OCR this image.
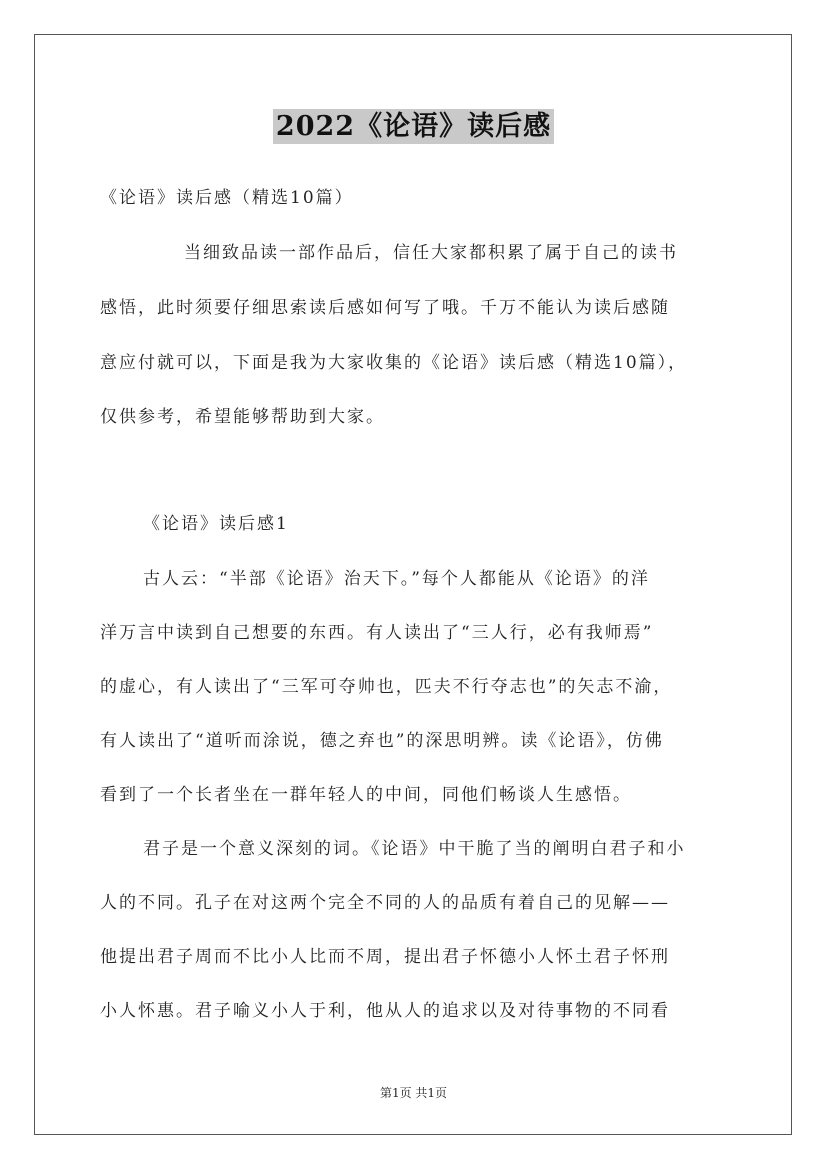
2022《论语》读后感
《论语》读后感（精选10篇）
当细致品读一部作品后，信任大家都积累了属于自己的读书
感悟，此时须要仔细思索读后感如何写了哦。千万不能认为读后感随
意应付就可以，下面是我为大家收集的《论语》读后感（精选10篇），
仅供参考，希望能够帮助到大家。
《论语》读后感1
古人云：“半部《论语》治天下。”每个人都能从《论语》的洋
洋万言中读到自己想要的东西。有人读出了“三人行，必有我师焉”
的虚心，有人读出了“三军可夺帅也，匹夫不行夺志也”的矢志不渝，
有人读出了“道听而涂说，德之弃也”的深思明辨。读《论语》，仿佛
看到了一个长者坐在一群年轻人的中间，同他们畅谈人生感悟。
君子是一个意义深刻的词。《论语》中干脆了当的阐明白君子和小
人的不同。孔子在对这两个完全不同的人的品质有着自己的见解——
他提出君子周而不比小人比而不周，提出君子怀德小人怀土君子怀刑
小人怀惠。君子喻义小人于利，他从人的追求以及对待事物的不同看
第1页 共1页
